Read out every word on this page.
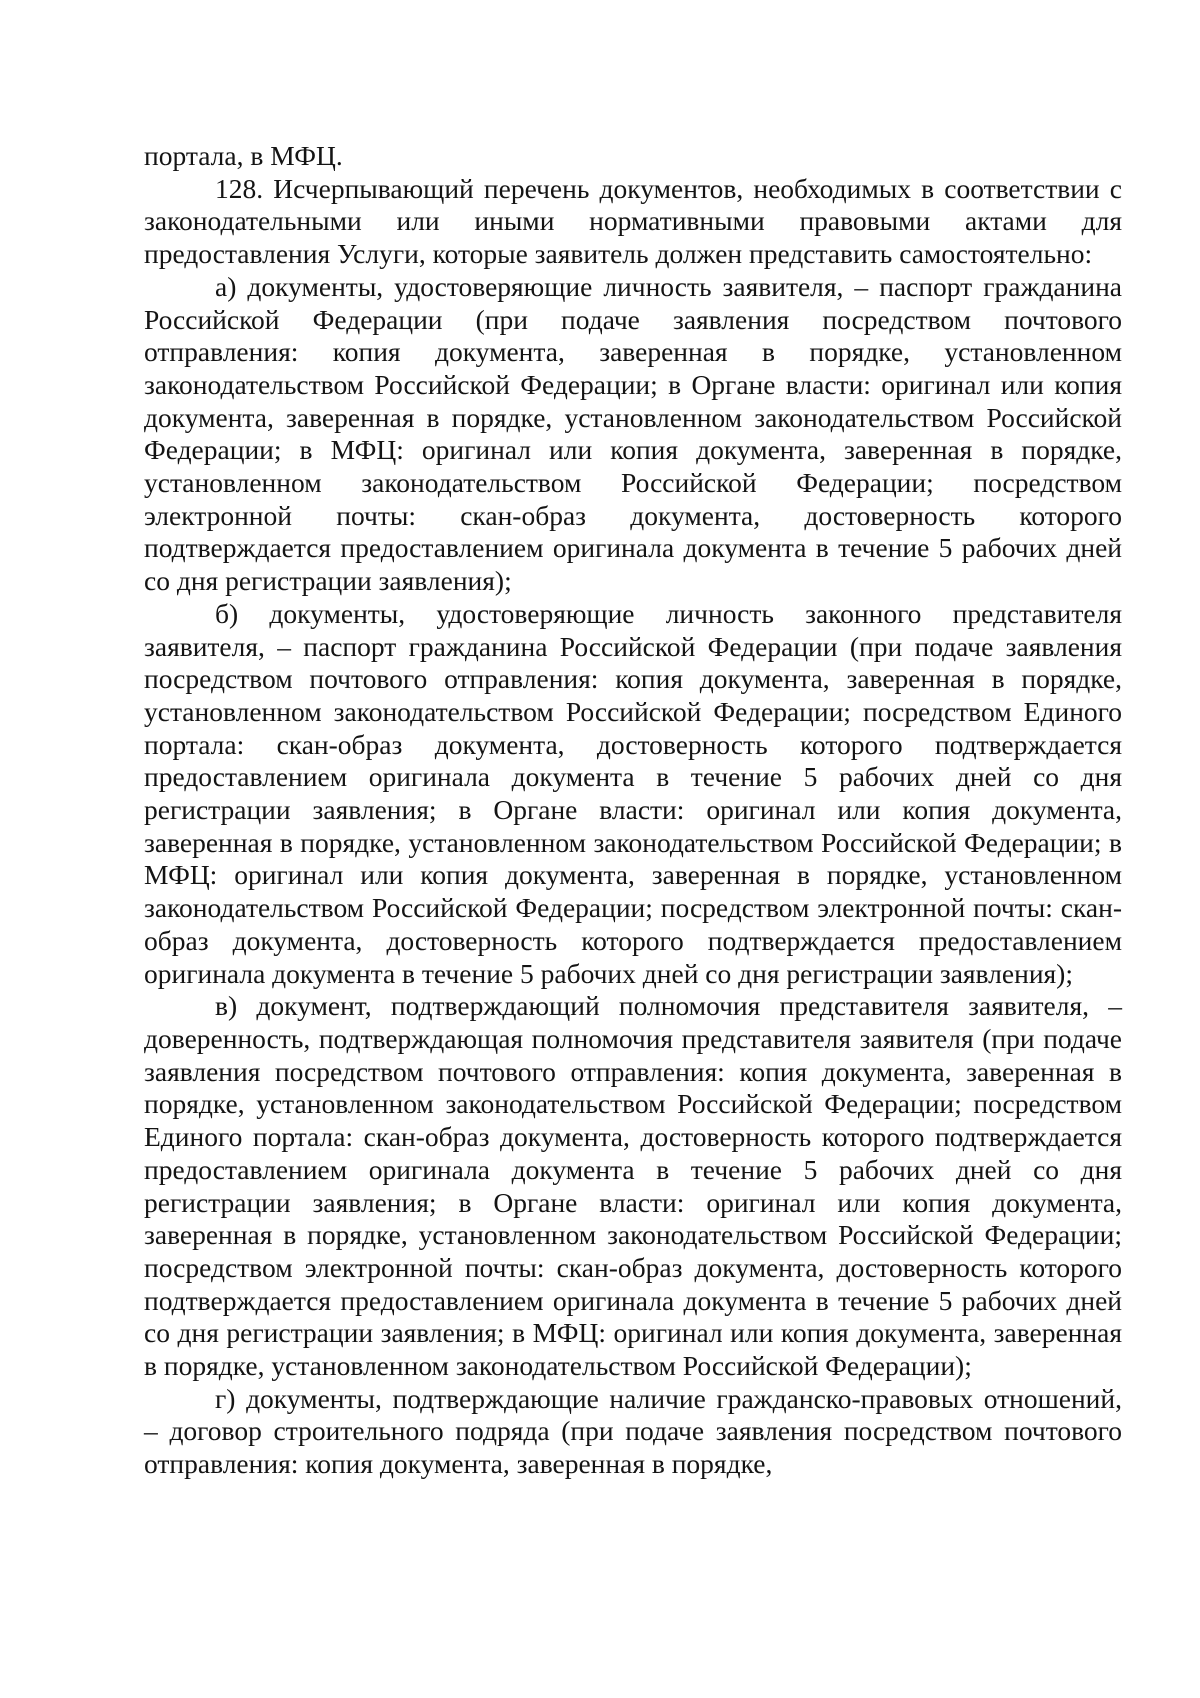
портала, в МФЦ.

128. Исчерпывающий перечень документов, необходимых в соответствии с законодательными или иными нормативными правовыми актами для предоставления Услуги, которые заявитель должен представить самостоятельно:

а) документы, удостоверяющие личность заявителя, – паспорт гражданина Российской Федерации (при подаче заявления посредством почтового отправления: копия документа, заверенная в порядке, установленном законодательством Российской Федерации; в Органе власти: оригинал или копия документа, заверенная в порядке, установленном законодательством Российской Федерации; в МФЦ: оригинал или копия документа, заверенная в порядке, установленном законодательством Российской Федерации; посредством электронной почты: скан-образ документа, достоверность которого подтверждается предоставлением оригинала документа в течение 5 рабочих дней со дня регистрации заявления);

б) документы, удостоверяющие личность законного представителя заявителя, – паспорт гражданина Российской Федерации (при подаче заявления посредством почтового отправления: копия документа, заверенная в порядке, установленном законодательством Российской Федерации; посредством Единого портала: скан-образ документа, достоверность которого подтверждается предоставлением оригинала документа в течение 5 рабочих дней со дня регистрации заявления; в Органе власти: оригинал или копия документа, заверенная в порядке, установленном законодательством Российской Федерации; в МФЦ: оригинал или копия документа, заверенная в порядке, установленном законодательством Российской Федерации; посредством электронной почты: скан-образ документа, достоверность которого подтверждается предоставлением оригинала документа в течение 5 рабочих дней со дня регистрации заявления);

в) документ, подтверждающий полномочия представителя заявителя, – доверенность, подтверждающая полномочия представителя заявителя (при подаче заявления посредством почтового отправления: копия документа, заверенная в порядке, установленном законодательством Российской Федерации; посредством Единого портала: скан-образ документа, достоверность которого подтверждается предоставлением оригинала документа в течение 5 рабочих дней со дня регистрации заявления; в Органе власти: оригинал или копия документа, заверенная в порядке, установленном законодательством Российской Федерации; посредством электронной почты: скан-образ документа, достоверность которого подтверждается предоставлением оригинала документа в течение 5 рабочих дней со дня регистрации заявления; в МФЦ: оригинал или копия документа, заверенная в порядке, установленном законодательством Российской Федерации);

г) документы, подтверждающие наличие гражданско-правовых отношений, – договор строительного подряда (при подаче заявления посредством почтового отправления: копия документа, заверенная в порядке,
